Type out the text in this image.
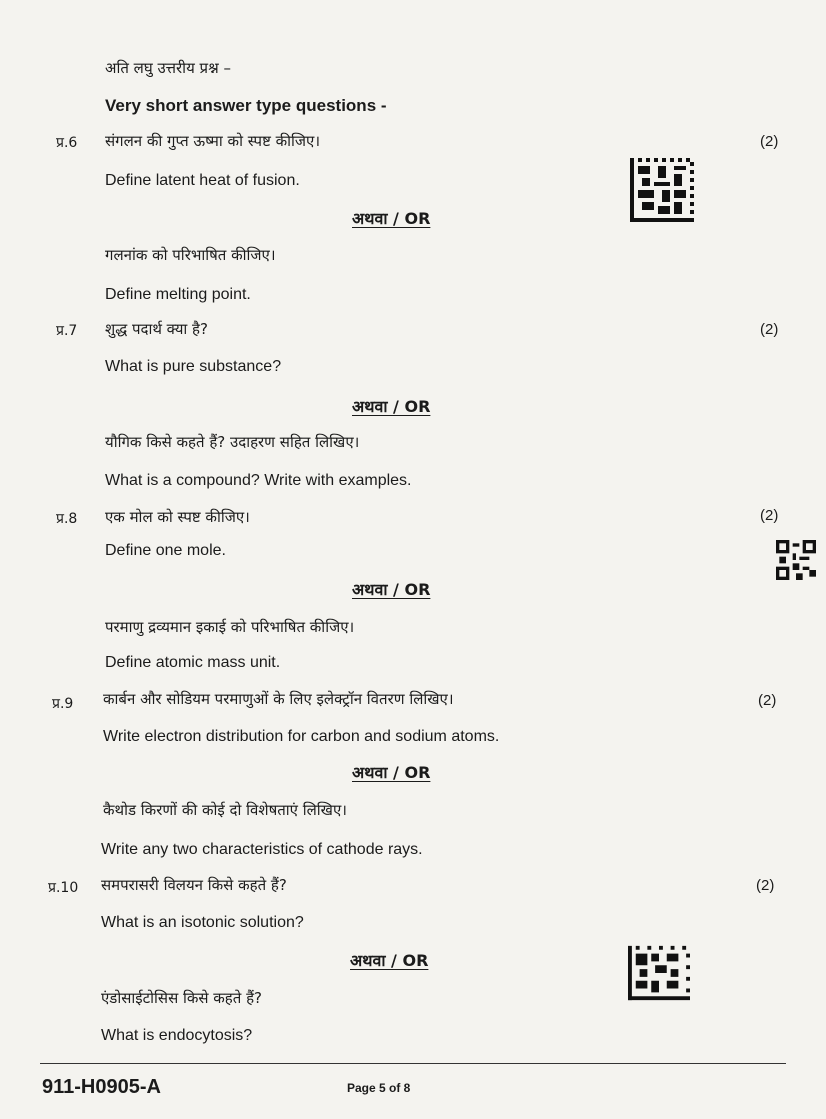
अति लघु उत्तरीय प्रश्न –
Very short answer type questions -
प्र.6 संगलन की गुप्त ऊष्मा को स्पष्ट कीजिए।	(2)
Define latent heat of fusion.
अथवा / OR
गलनांक को परिभाषित कीजिए।
Define melting point.
प्र.7 शुद्ध पदार्थ क्या है?	(2)
What is pure substance?
अथवा / OR
यौगिक किसे कहते हैं? उदाहरण सहित लिखिए।
What is a compound? Write with examples.
प्र.8 एक मोल को स्पष्ट कीजिए।	(2)
Define one mole.
अथवा / OR
परमाणु द्रव्यमान इकाई को परिभाषित कीजिए।
Define atomic mass unit.
प्र.9 कार्बन और सोडियम परमाणुओं के लिए इलेक्ट्रॉन वितरण लिखिए।	(2)
Write electron distribution for carbon and sodium atoms.
अथवा / OR
कैथोड किरणों की कोई दो विशेषताएं लिखिए।
Write any two characteristics of cathode rays.
प्र.10 समपरासरी विलयन किसे कहते हैं?	(2)
What is an isotonic solution?
अथवा / OR
एंडोसाईटोसिस किसे कहते हैं?
What is endocytosis?
911-H0905-A	Page 5 of 8
